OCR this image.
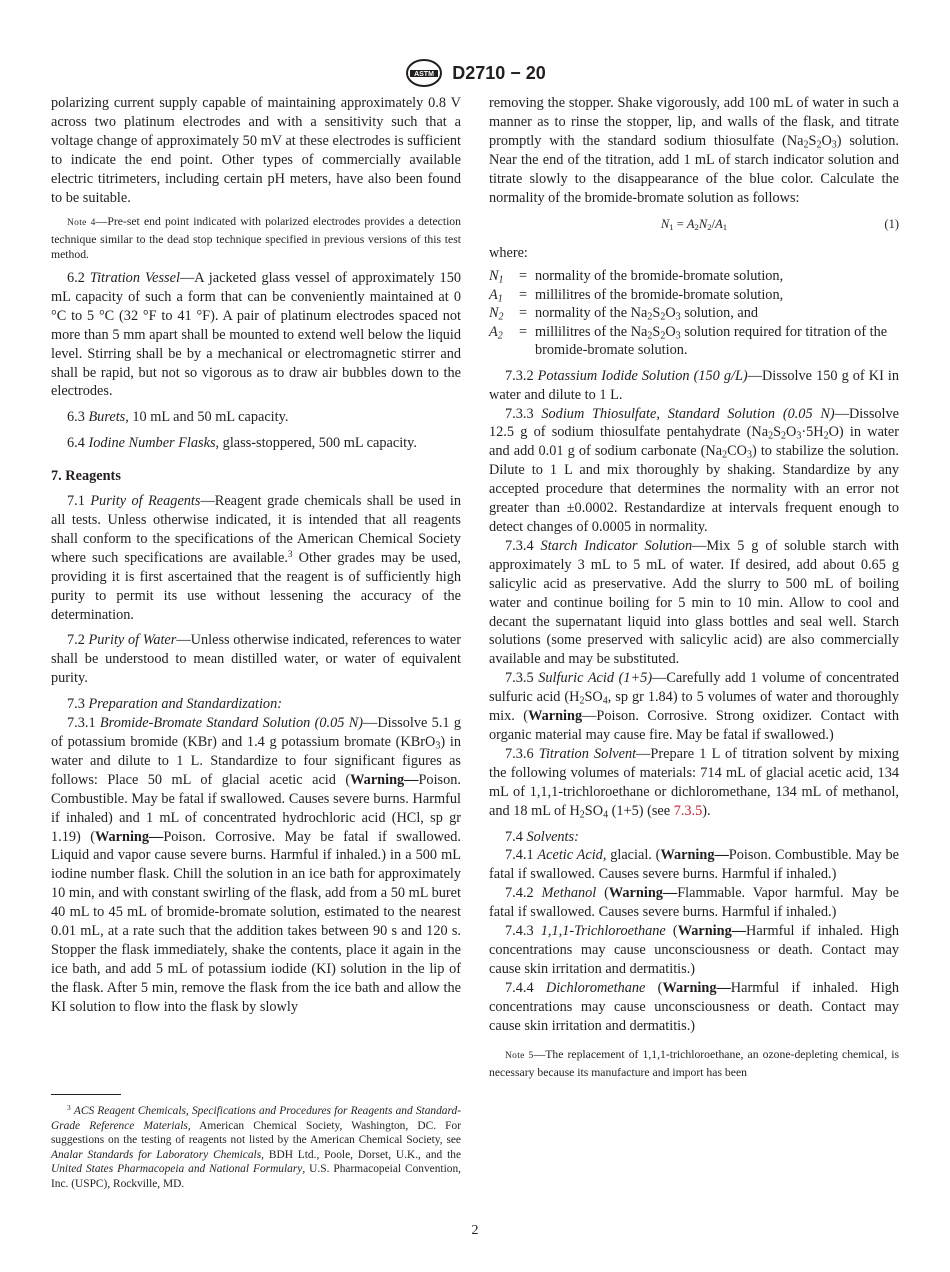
ASTM D2710 − 20

polarizing current supply capable of maintaining approximately 0.8 V across two platinum electrodes and with a sensitivity such that a voltage change of approximately 50 mV at these electrodes is sufficient to indicate the end point. Other types of commercially available electric titrimeters, including certain pH meters, have also been found to be suitable.

Note 4—Pre-set end point indicated with polarized electrodes provides a detection technique similar to the dead stop technique specified in previous versions of this test method.

6.2 Titration Vessel—A jacketed glass vessel of approximately 150 mL capacity of such a form that can be conveniently maintained at 0 °C to 5 °C (32 °F to 41 °F). A pair of platinum electrodes spaced not more than 5 mm apart shall be mounted to extend well below the liquid level. Stirring shall be by a mechanical or electromagnetic stirrer and shall be rapid, but not so vigorous as to draw air bubbles down to the electrodes.

6.3 Burets, 10 mL and 50 mL capacity.

6.4 Iodine Number Flasks, glass-stoppered, 500 mL capacity.

7. Reagents

7.1 Purity of Reagents—Reagent grade chemicals shall be used in all tests. Unless otherwise indicated, it is intended that all reagents shall conform to the specifications of the American Chemical Society where such specifications are available.$^3$ Other grades may be used, providing it is first ascertained that the reagent is of sufficiently high purity to permit its use without lessening the accuracy of the determination.

7.2 Purity of Water—Unless otherwise indicated, references to water shall be understood to mean distilled water, or water of equivalent purity.

7.3 Preparation and Standardization:

7.3.1 Bromide-Bromate Standard Solution (0.05 N)—Dissolve 5.1 g of potassium bromide (KBr) and 1.4 g potassium bromate (KBrO$_3$) in water and dilute to 1 L. Standardize to four significant figures as follows: Place 50 mL of glacial acetic acid (Warning—Poison. Combustible. May be fatal if swallowed. Causes severe burns. Harmful if inhaled) and 1 mL of concentrated hydrochloric acid (HCl, sp gr 1.19) (Warning—Poison. Corrosive. May be fatal if swallowed. Liquid and vapor cause severe burns. Harmful if inhaled.) in a 500 mL iodine number flask. Chill the solution in an ice bath for approximately 10 min, and with constant swirling of the flask, add from a 50 mL buret 40 mL to 45 mL of bromide-bromate solution, estimated to the nearest 0.01 mL, at a rate such that the addition takes between 90 s and 120 s. Stopper the flask immediately, shake the contents, place it again in the ice bath, and add 5 mL of potassium iodide (KI) solution in the lip of the flask. After 5 min, remove the flask from the ice bath and allow the KI solution to flow into the flask by slowly

$^3$ ACS Reagent Chemicals, Specifications and Procedures for Reagents and Standard-Grade Reference Materials, American Chemical Society, Washington, DC. For suggestions on the testing of reagents not listed by the American Chemical Society, see Analar Standards for Laboratory Chemicals, BDH Ltd., Poole, Dorset, U.K., and the United States Pharmacopeia and National Formulary, U.S. Pharmacopeial Convention, Inc. (USPC), Rockville, MD.

removing the stopper. Shake vigorously, add 100 mL of water in such a manner as to rinse the stopper, lip, and walls of the flask, and titrate promptly with the standard sodium thiosulfate $(Na_2S_2O_3)$ solution. Near the end of the titration, add 1 mL of starch indicator solution and titrate slowly to the disappearance of the blue color. Calculate the normality of the bromide-bromate solution as follows:

$N_1 = A_2N_2/A_1$	(1)

where:

$N_1$	=	normality of the bromide-bromate solution,
$A_1$	=	millilitres of the bromide-bromate solution,
$N_2$	=	normality of the $Na_2S_2O_3$ solution, and
$A_2$	=	millilitres of the $Na_2S_2O_3$ solution required for titration of the bromide-bromate solution.

7.3.2 Potassium Iodide Solution (150 g/L)—Dissolve 150 g of KI in water and dilute to 1 L.

7.3.3 Sodium Thiosulfate, Standard Solution (0.05 N)—Dissolve 12.5 g of sodium thiosulfate pentahydrate $(Na_2S_2O_3\cdot 5H_2O)$ in water and add 0.01 g of sodium carbonate $(Na_2CO_3)$ to stabilize the solution. Dilute to 1 L and mix thoroughly by shaking. Standardize by any accepted procedure that determines the normality with an error not greater than ±0.0002. Restandardize at intervals frequent enough to detect changes of 0.0005 in normality.

7.3.4 Starch Indicator Solution—Mix 5 g of soluble starch with approximately 3 mL to 5 mL of water. If desired, add about 0.65 g salicylic acid as preservative. Add the slurry to 500 mL of boiling water and continue boiling for 5 min to 10 min. Allow to cool and decant the supernatant liquid into glass bottles and seal well. Starch solutions (some preserved with salicylic acid) are also commercially available and may be substituted.

7.3.5 Sulfuric Acid (1+5)—Carefully add 1 volume of concentrated sulfuric acid ($H_2SO_4$, sp gr 1.84) to 5 volumes of water and thoroughly mix. (Warning—Poison. Corrosive. Strong oxidizer. Contact with organic material may cause fire. May be fatal if swallowed.)

7.3.6 Titration Solvent—Prepare 1 L of titration solvent by mixing the following volumes of materials: 714 mL of glacial acetic acid, 134 mL of 1,1,1-trichloroethane or dichloromethane, 134 mL of methanol, and 18 mL of $H_2SO_4$ (1+5) (see 7.3.5).

7.4 Solvents:

7.4.1 Acetic Acid, glacial. (Warning—Poison. Combustible. May be fatal if swallowed. Causes severe burns. Harmful if inhaled.)

7.4.2 Methanol (Warning—Flammable. Vapor harmful. May be fatal if swallowed. Causes severe burns. Harmful if inhaled.)

7.4.3 1,1,1-Trichloroethane (Warning—Harmful if inhaled. High concentrations may cause unconsciousness or death. Contact may cause skin irritation and dermatitis.)

7.4.4 Dichloromethane (Warning—Harmful if inhaled. High concentrations may cause unconsciousness or death. Contact may cause skin irritation and dermatitis.)

Note 5—The replacement of 1,1,1-trichloroethane, an ozone-depleting chemical, is necessary because its manufacture and import has been

2
